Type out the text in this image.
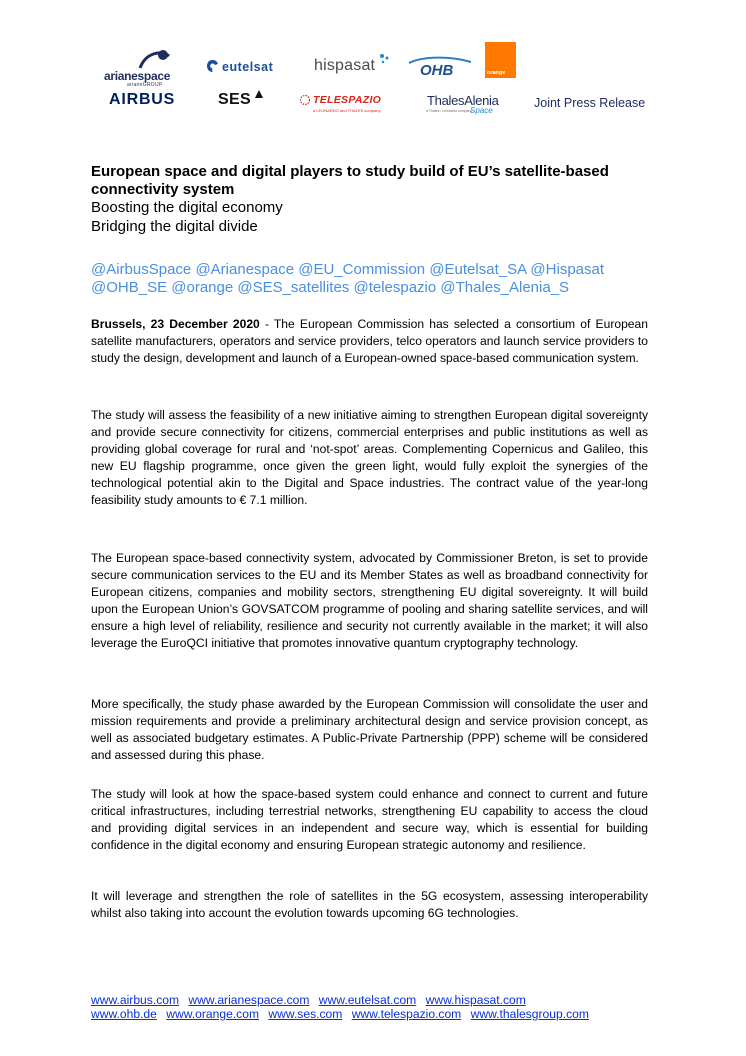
arianespace
arianeGROUP
eutelsat	hispasat	OHB	orange
AIRBUS	SES	TELESPAZIO
a LEONARDO and THALES company
ThalesAlenia
Space
a Thales / Leonardo company
Joint Press Release
European space and digital players to study build of EU’s satellite-based connectivity system
Boosting the digital economy
Bridging the digital divide
@AirbusSpace @Arianespace @EU_Commission @Eutelsat_SA @Hispasat @OHB_SE @orange @SES_satellites @telespazio @Thales_Alenia_S

Brussels, 23 December 2020 - The European Commission has selected a consortium of European satellite manufacturers, operators and service providers, telco operators and launch service providers to study the design, development and launch of a European-owned space-based communication system.

The study will assess the feasibility of a new initiative aiming to strengthen European digital sovereignty and provide secure connectivity for citizens, commercial enterprises and public institutions as well as providing global coverage for rural and ‘not-spot’ areas. Complementing Copernicus and Galileo, this new EU flagship programme, once given the green light, would fully exploit the synergies of the technological potential akin to the Digital and Space industries. The contract value of the year-long feasibility study amounts to € 7.1 million.

The European space-based connectivity system, advocated by Commissioner Breton, is set to provide secure communication services to the EU and its Member States as well as broadband connectivity for European citizens, companies and mobility sectors, strengthening EU digital sovereignty. It will build upon the European Union’s GOVSATCOM programme of pooling and sharing satellite services, and will ensure a high level of reliability, resilience and security not currently available in the market; it will also leverage the EuroQCI initiative that promotes innovative quantum cryptography technology.

More specifically, the study phase awarded by the European Commission will consolidate the user and mission requirements and provide a preliminary architectural design and service provision concept, as well as associated budgetary estimates. A Public-Private Partnership (PPP) scheme will be considered and assessed during this phase.

The study will look at how the space-based system could enhance and connect to current and future critical infrastructures, including terrestrial networks, strengthening EU capability to access the cloud and providing digital services in an independent and secure way, which is essential for building confidence in the digital economy and ensuring European strategic autonomy and resilience.

It will leverage and strengthen the role of satellites in the 5G ecosystem, assessing interoperability whilst also taking into account the evolution towards upcoming 6G technologies.

www.airbus.com www.arianespace.com www.eutelsat.com www.hispasat.com
www.ohb.de www.orange.com www.ses.com www.telespazio.com www.thalesgroup.com
